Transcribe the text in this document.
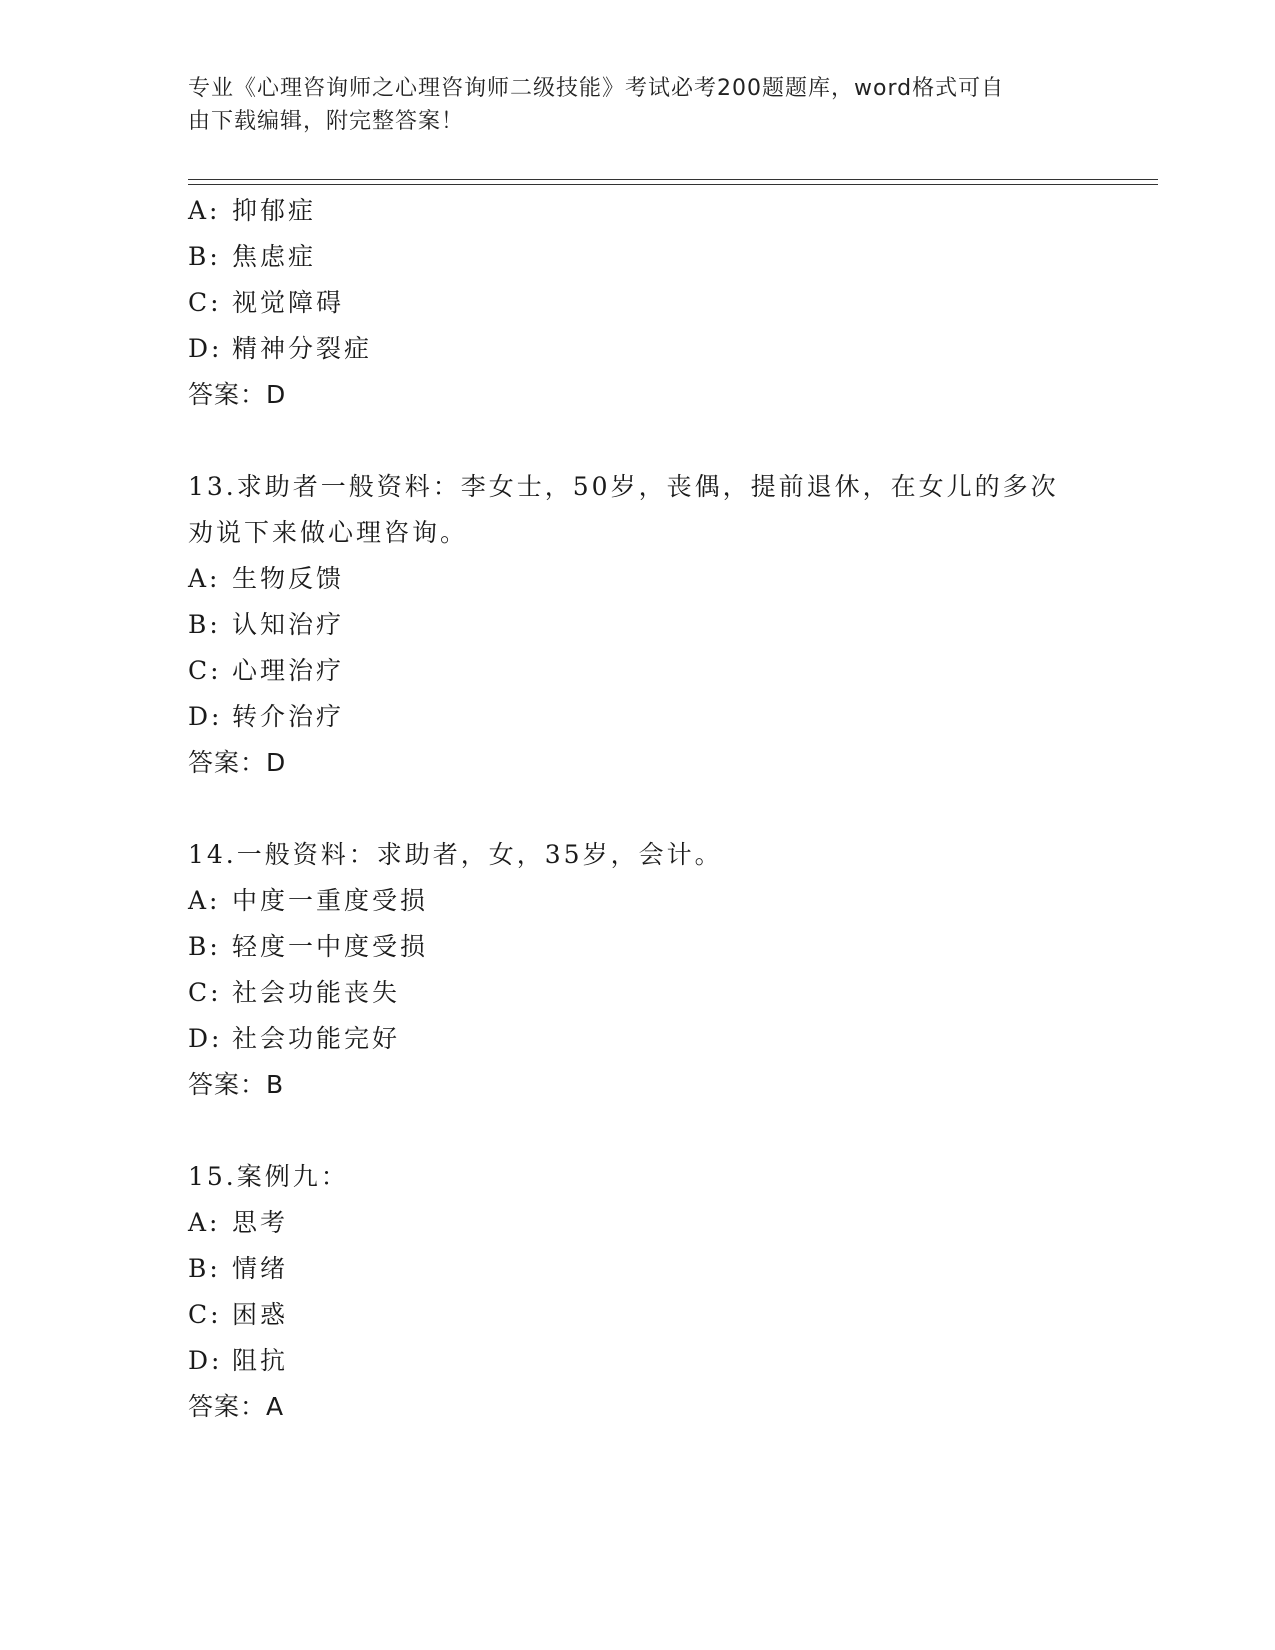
专业《心理咨询师之心理咨询师二级技能》考试必考200题题库，word格式可自
由下载编辑，附完整答案！
A: 抑郁症
B: 焦虑症
C: 视觉障碍
D: 精神分裂症
答案：D
13.求助者一般资料：李女士，50岁，丧偶，提前退休，在女儿的多次
劝说下来做心理咨询。
A: 生物反馈
B: 认知治疗
C: 心理治疗
D: 转介治疗
答案：D
14.一般资料：求助者，女，35岁，会计。
A: 中度一重度受损
B: 轻度一中度受损
C: 社会功能丧失
D: 社会功能完好
答案：B
15.案例九：
A: 思考
B: 情绪
C: 困惑
D: 阻抗
答案：A
